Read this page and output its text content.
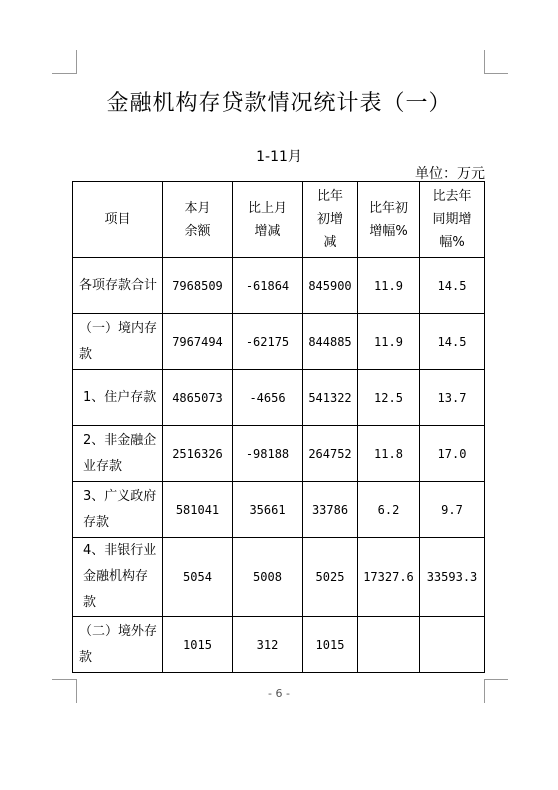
金融机构存贷款情况统计表（一）
1-11月
单位：万元
项目	本月余额	比上月增减	比年初增减	比年初增幅%	比去年同期增幅%

各项存款合计	7968509	-61864	845900	11.9	14.5
（一）境内存款	7967494	-62175	844885	11.9	14.5
1、住户存款	4865073	-4656	541322	12.5	13.7
2、非金融企业存款	2516326	-98188	264752	11.8	17.0
3、广义政府存款	581041	35661	33786	6.2	9.7
4、非银行业金融机构存款	5054	5008	5025	17327.6	33593.3
（二）境外存款	1015	312	1015		
- 6 -
